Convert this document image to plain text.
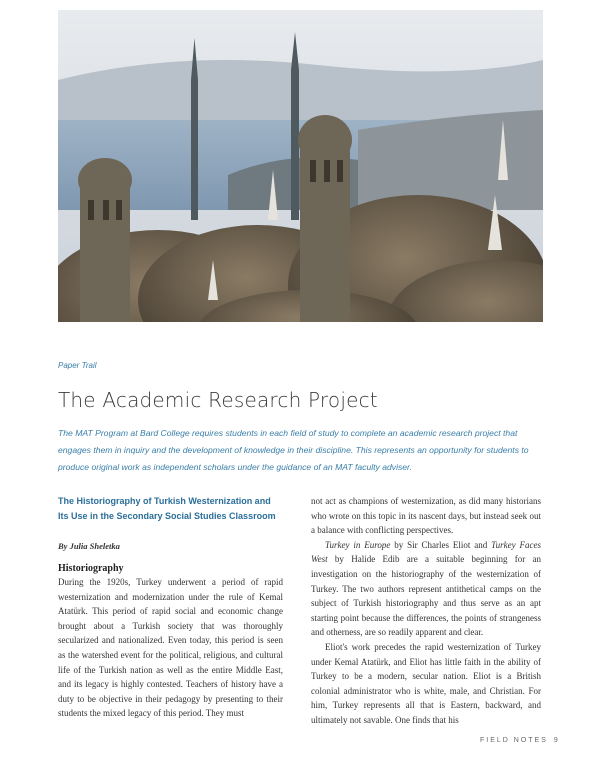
Paper Trail
The Academic Research Project
The MAT Program at Bard College requires students in each field of study to complete an academic research project that engages them in inquiry and the development of knowledge in their discipline. This represents an opportunity for students to produce original work as independent scholars under the guidance of an MAT faculty adviser.

The Historiography of Turkish Westernization and Its Use in the Secondary Social Studies Classroom

By Julia Sheletka
Historiography

During the 1920s, Turkey underwent a period of rapid westernization and modernization under the rule of Kemal Atatürk. This period of rapid social and economic change brought about a Turkish society that was thoroughly secularized and nationalized. Even today, this period is seen as the watershed event for the political, religious, and cultural life of the Turkish nation as well as the entire Middle East, and its legacy is highly contested. Teachers of history have a duty to be objective in their pedagogy by presenting to their students the mixed legacy of this period. They must

not act as champions of westernization, as did many historians who wrote on this topic in its nascent days, but instead seek out a balance with conflicting perspectives.

Turkey in Europe by Sir Charles Eliot and Turkey Faces West by Halide Edib are a suitable beginning for an investigation on the historiography of the westernization of Turkey. The two authors represent antithetical camps on the subject of Turkish historiography and thus serve as an apt starting point because the differences, the points of strangeness and otherness, are so readily apparent and clear.

Eliot's work precedes the rapid westernization of Turkey under Kemal Atatürk, and Eliot has little faith in the ability of Turkey to be a modern, secular nation. Eliot is a British colonial administrator who is white, male, and Christian. For him, Turkey represents all that is Eastern, backward, and ultimately not savable. One finds that his

FIELD NOTES 9
